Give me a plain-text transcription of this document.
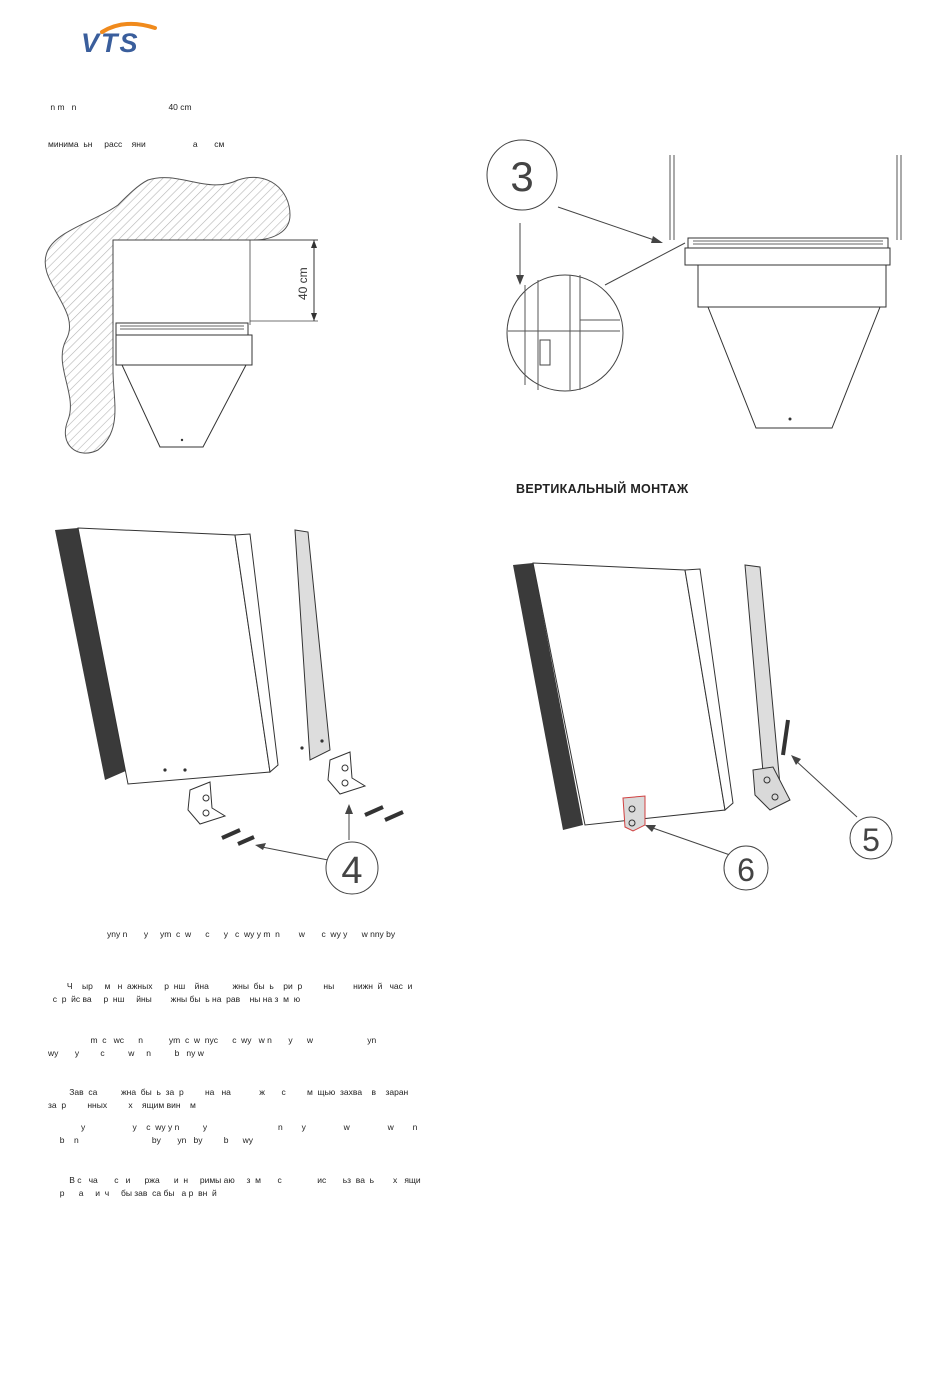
VTS
n m   n                                       40 cm
минима  ьн     расс    яни                    а       см
40 cm
3
ВЕРТИКАЛЬНЫЙ МОНТАЖ
4	6
5
yny n       y     ym  c  w      c      y   c  wy y m  n        w       c  wy y      w nny by
Ч    ыр     м   н  ажных     р  нш    йна          жны  бы  ь    ри  р         ны        нижн  й   час  и
с  р  йс ва     р  нш     йны        жны бы  ь на  рав    ны на з  м  ю
m  c   wc      n           ym  c  w  nyc      c  wy   w n       y      w                       yn
wy       y         c          w     n          b   ny w
Зав  са          жна  бы  ь  за  р         на   на            ж       с         м  щью  захва    в    заран
за  р         нных         х    ящим вин    м
y                    y    c  wy y n          y                              n        y                w                w        n
b    n                               by       yn   by         b      wy
В с   ча       с   и      ржа      и  н     римы аю     з  м       с               ис       ьз  ва  ь        х   ящи
р      а     и  ч     бы зав  са бы   а р  вн  й
